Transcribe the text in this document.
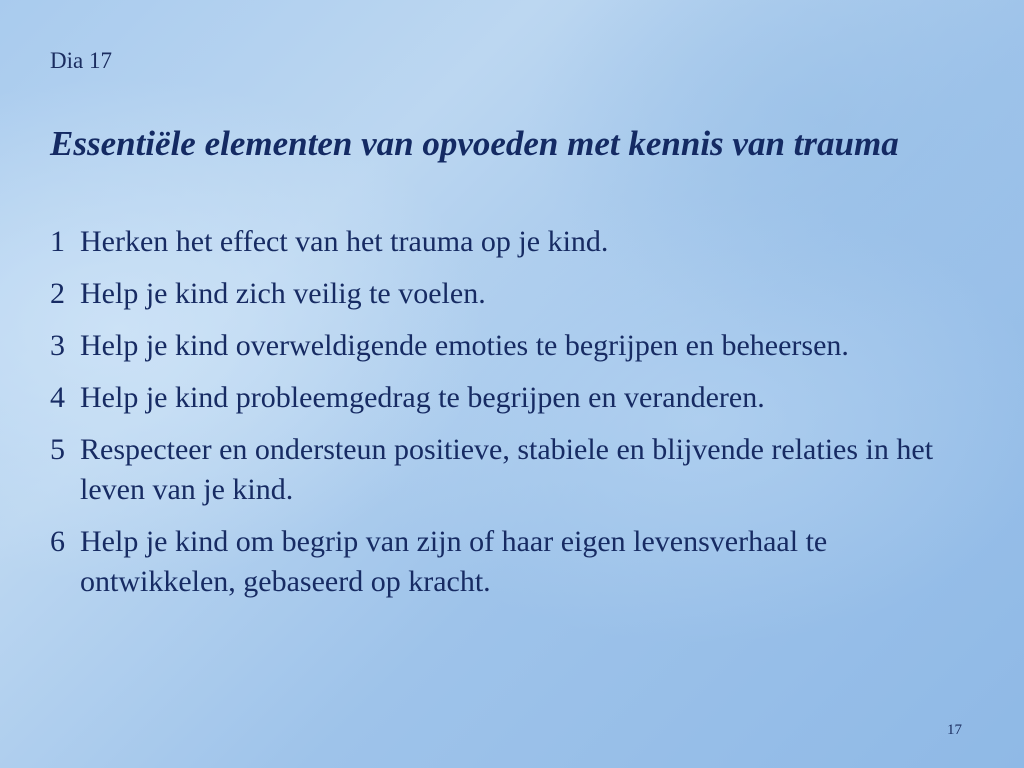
Dia 17
Essentiële elementen van opvoeden met kennis van trauma
1 Herken het effect van het trauma op je kind.
2 Help je kind zich veilig te voelen.
3 Help je kind overweldigende emoties te begrijpen en beheersen.
4 Help je kind probleemgedrag te begrijpen en veranderen.
5 Respecteer en ondersteun positieve, stabiele en blijvende relaties in het leven van je kind.
6 Help je kind om begrip van zijn of haar eigen levensverhaal te ontwikkelen, gebaseerd op kracht.
17
